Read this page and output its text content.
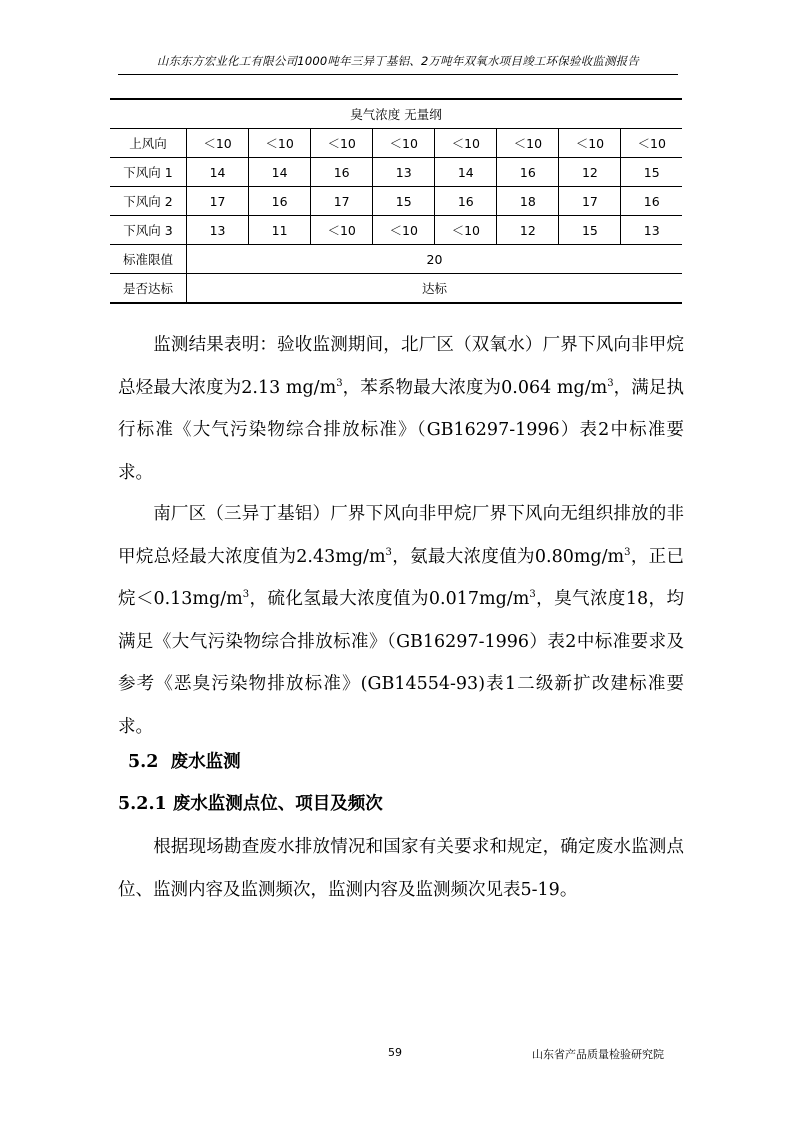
山东东方宏业化工有限公司1000吨年三异丁基铝、2万吨年双氧水项目竣工环保验收监测报告
臭气浓度 无量纲								
上风向	＜10	＜10	＜10	＜10	＜10	＜10	＜10	＜10
下风向 1	14	14	16	13	14	16	12	15
下风向 2	17	16	17	15	16	18	17	16
下风向 3	13	11	＜10	＜10	＜10	12	15	13
标准限值	20							
是否达标	达标							
监测结果表明：验收监测期间，北厂区（双氧水）厂界下风向非甲烷总烃最大浓度为2.13 $mg/m^3$，苯系物最大浓度为0.064 $mg/m^3$，满足执行标准《大气污染物综合排放标准》（GB16297-1996）表2中标准要求。
南厂区（三异丁基铝）厂界下风向非甲烷厂界下风向无组织排放的非甲烷总烃最大浓度值为$2.43mg/m^3$，氨最大浓度值为$0.80mg/m^3$，正已烷$<0.13mg/m^3$，硫化氢最大浓度值为$0.017mg/m^3$，臭气浓度18，均满足《大气污染物综合排放标准》（GB16297-1996）表2中标准要求及参考《恶臭污染物排放标准》(GB14554-93)表1二级新扩改建标准要求。
5.2 废水监测
5.2.1 废水监测点位、项目及频次
根据现场勘查废水排放情况和国家有关要求和规定，确定废水监测点位、监测内容及监测频次，监测内容及监测频次见表5-19。
59	山东省产品质量检验研究院
